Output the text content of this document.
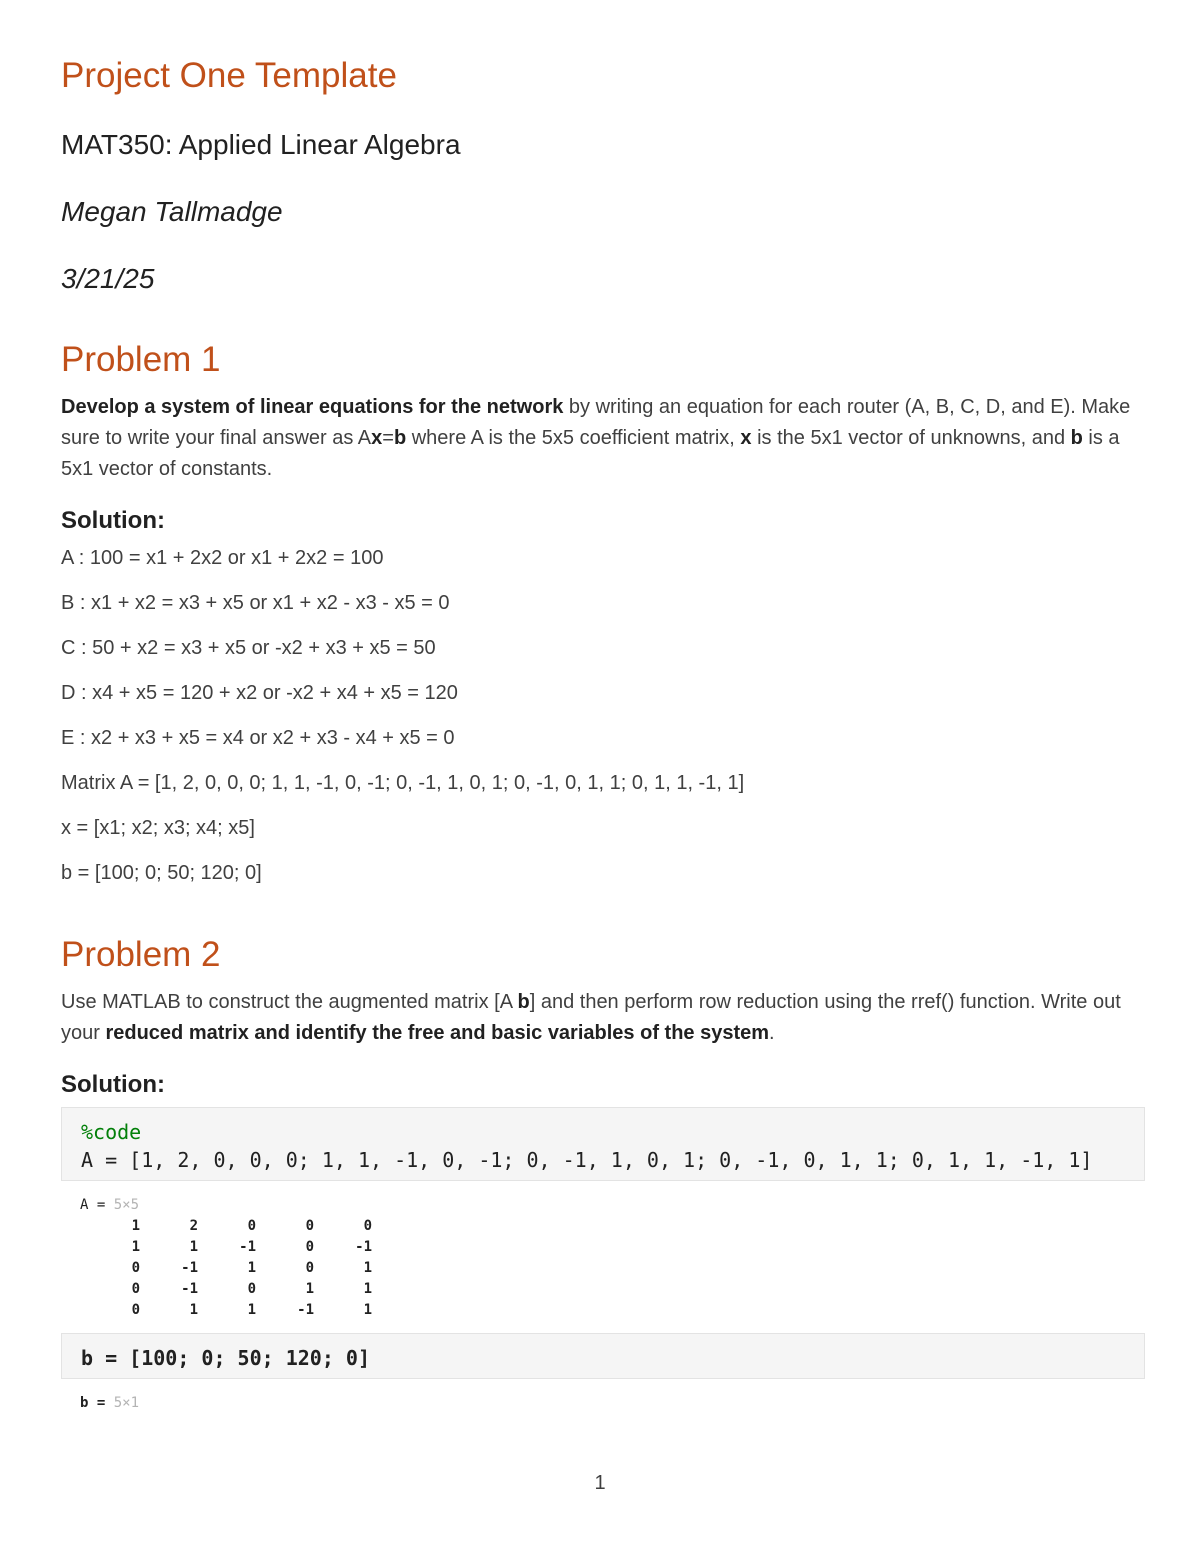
Project One Template
MAT350: Applied Linear Algebra
Megan Tallmadge
3/21/25
Problem 1

Develop a system of linear equations for the network by writing an equation for each router (A, B, C, D, and E). Make sure to write your final answer as Ax=b where A is the 5x5 coefficient matrix, x is the 5x1 vector of unknowns, and b is a 5x1 vector of constants.

Solution:
A : 100 = x1 + 2x2 or x1 + 2x2 = 100
B : x1 + x2 = x3 + x5 or x1 + x2 - x3 - x5 = 0
C : 50 + x2 = x3 + x5 or -x2 + x3 + x5 = 50
D : x4 + x5 = 120 + x2 or -x2 + x4 + x5 = 120
E : x2 + x3 + x5 = x4 or x2 + x3 - x4 + x5 = 0
Matrix A = [1, 2, 0, 0, 0; 1, 1, -1, 0, -1; 0, -1, 1, 0, 1; 0, -1, 0, 1, 1; 0, 1, 1, -1, 1]
x = [x1; x2; x3; x4; x5]
b = [100; 0; 50; 120; 0]
Problem 2

Use MATLAB to construct the augmented matrix [A b] and then perform row reduction using the rref() function. Write out your reduced matrix and identify the free and basic variables of the system.

Solution:
%code
A = [1, 2, 0, 0, 0; 1, 1, -1, 0, -1; 0, -1, 1, 0, 1; 0, -1, 0, 1, 1; 0, 1, 1, -1, 1]
A = 5×5
1	2	0	0	0
1	1	-1	0	-1
0	-1	1	0	1
0	-1	0	1	1
0	1	1	-1	1
b = [100; 0; 50; 120; 0]
b = 5×1
1
